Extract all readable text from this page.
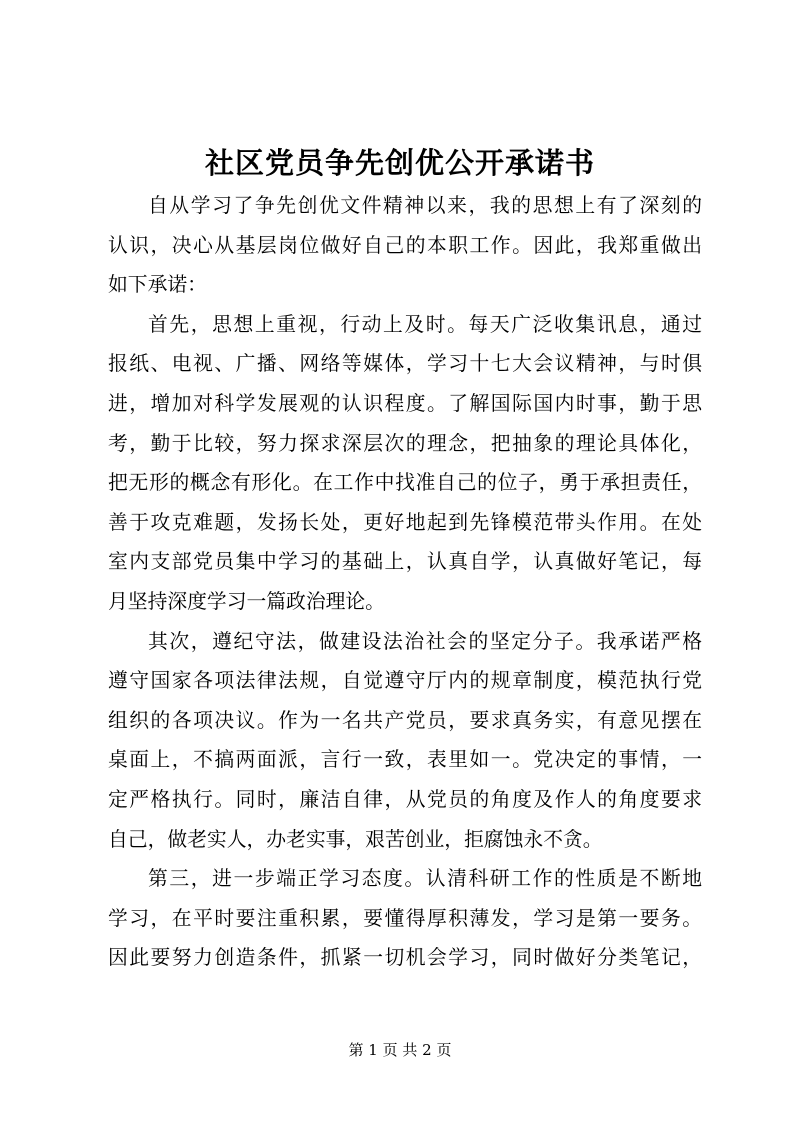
社区党员争先创优公开承诺书
自从学习了争先创优文件精神以来，我的思想上有了深刻的
认识，决心从基层岗位做好自己的本职工作。因此，我郑重做出
如下承诺：
首先，思想上重视，行动上及时。每天广泛收集讯息，通过
报纸、电视、广播、网络等媒体，学习十七大会议精神，与时俱
进，增加对科学发展观的认识程度。了解国际国内时事，勤于思
考，勤于比较，努力探求深层次的理念，把抽象的理论具体化，
把无形的概念有形化。在工作中找准自己的位子，勇于承担责任，
善于攻克难题，发扬长处，更好地起到先锋模范带头作用。在处
室内支部党员集中学习的基础上，认真自学，认真做好笔记，每
月坚持深度学习一篇政治理论。
其次，遵纪守法，做建设法治社会的坚定分子。我承诺严格
遵守国家各项法律法规，自觉遵守厅内的规章制度，模范执行党
组织的各项决议。作为一名共产党员，要求真务实，有意见摆在
桌面上，不搞两面派，言行一致，表里如一。党决定的事情，一
定严格执行。同时，廉洁自律，从党员的角度及作人的角度要求
自己，做老实人，办老实事，艰苦创业，拒腐蚀永不贪。
第三，进一步端正学习态度。认清科研工作的性质是不断地
学习，在平时要注重积累，要懂得厚积薄发，学习是第一要务。
因此要努力创造条件，抓紧一切机会学习，同时做好分类笔记，
第 1 页 共 2 页
